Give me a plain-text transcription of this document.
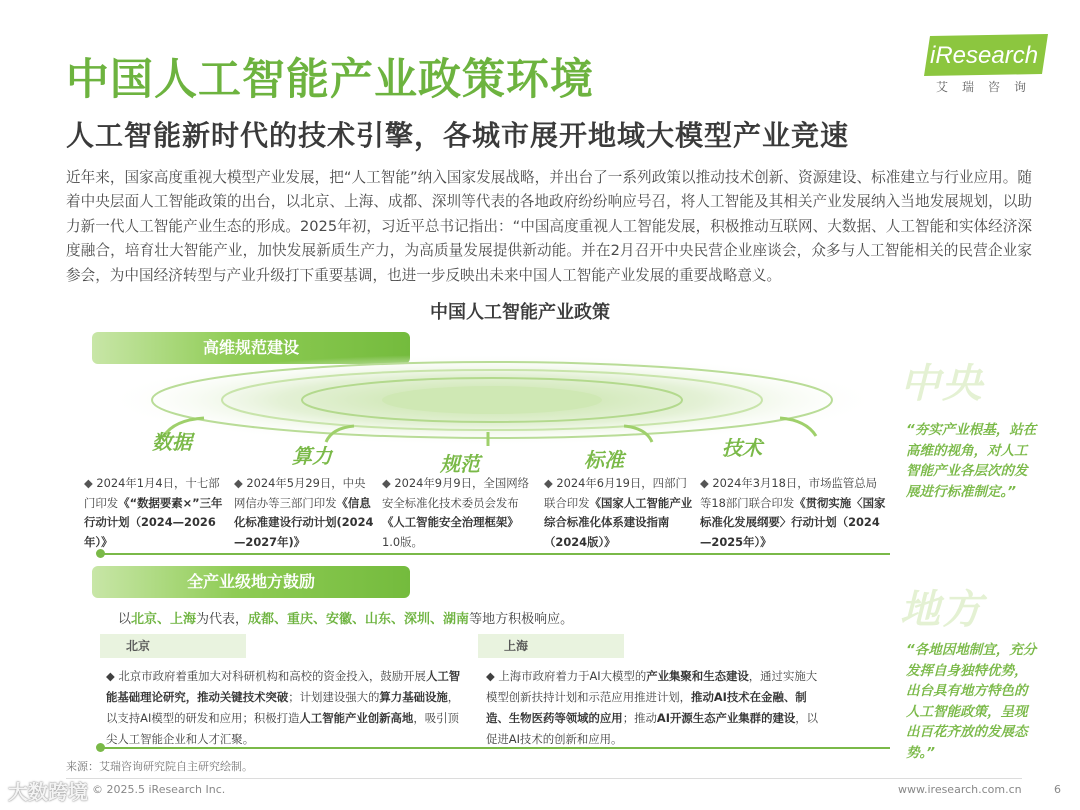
中国人工智能产业政策环境	iResearch
艾瑞咨询
人工智能新时代的技术引擎，各城市展开地域大模型产业竞速

近年来，国家高度重视大模型产业发展，把“人工智能”纳入国家发展战略，并出台了一系列政策以推动技术创新、资源建设、标准建立与行业应用。随着中央层面人工智能政策的出台，以北京、上海、成都、深圳等代表的各地政府纷纷响应号召，将人工智能及其相关产业发展纳入当地发展规划，以助力新一代人工智能产业生态的形成。2025年初，习近平总书记指出：“中国高度重视人工智能发展，积极推动互联网、大数据、人工智能和实体经济深度融合，培育壮大智能产业，加快发展新质生产力，为高质量发展提供新动能。并在2月召开中央民营企业座谈会，众多与人工智能相关的民营企业家参会，为中国经济转型与产业升级打下重要基调，也进一步反映出未来中国人工智能产业发展的重要战略意义。

中国人工智能产业政策
高维规范建设
中央
“夯实产业根基，站在高维的视角，对人工智能产业各层次的发展进行标准制定。”
数据
算力	规范	标准	技术
◆ 2024年1月4日，十七部门印发《“数据要素×”三年行动计划（2024—2026年）》
◆ 2024年5月29日，中央网信办等三部门印发《信息化标准建设行动计划(2024—2027年)》
◆ 2024年9月9日，全国网络安全标准化技术委员会发布《人工智能安全治理框架》1.0版。
◆ 2024年6月19日，四部门联合印发《国家人工智能产业综合标准化体系建设指南（2024版）》
◆ 2024年3月18日，市场监管总局等18部门联合印发《贯彻实施〈国家标准化发展纲要〉行动计划（2024—2025年）》
全产业级地方鼓励
地方
“各地因地制宜，充分发挥自身独特优势，出台具有地方特色的人工智能政策，呈现出百花齐放的发展态势。”
以北京、上海为代表，成都、重庆、安徽、山东、深圳、湖南等地方积极响应。
北京	上海
◆ 北京市政府着重加大对科研机构和高校的资金投入，鼓励开展人工智能基础理论研究，推动关键技术突破；计划建设强大的算力基础设施，以支持AI模型的研发和应用；积极打造人工智能产业创新高地，吸引顶尖人工智能企业和人才汇聚。
◆ 上海市政府着力于AI大模型的产业集聚和生态建设，通过实施大模型创新扶持计划和示范应用推进计划，推动AI技术在金融、制造、生物医药等领域的应用；推动AI开源生态产业集群的建设，以促进AI技术的创新和应用。
来源：艾瑞咨询研究院自主研究绘制。
© 2025.5 iResearch Inc.	www.iresearch.com.cn	6
大数跨境
